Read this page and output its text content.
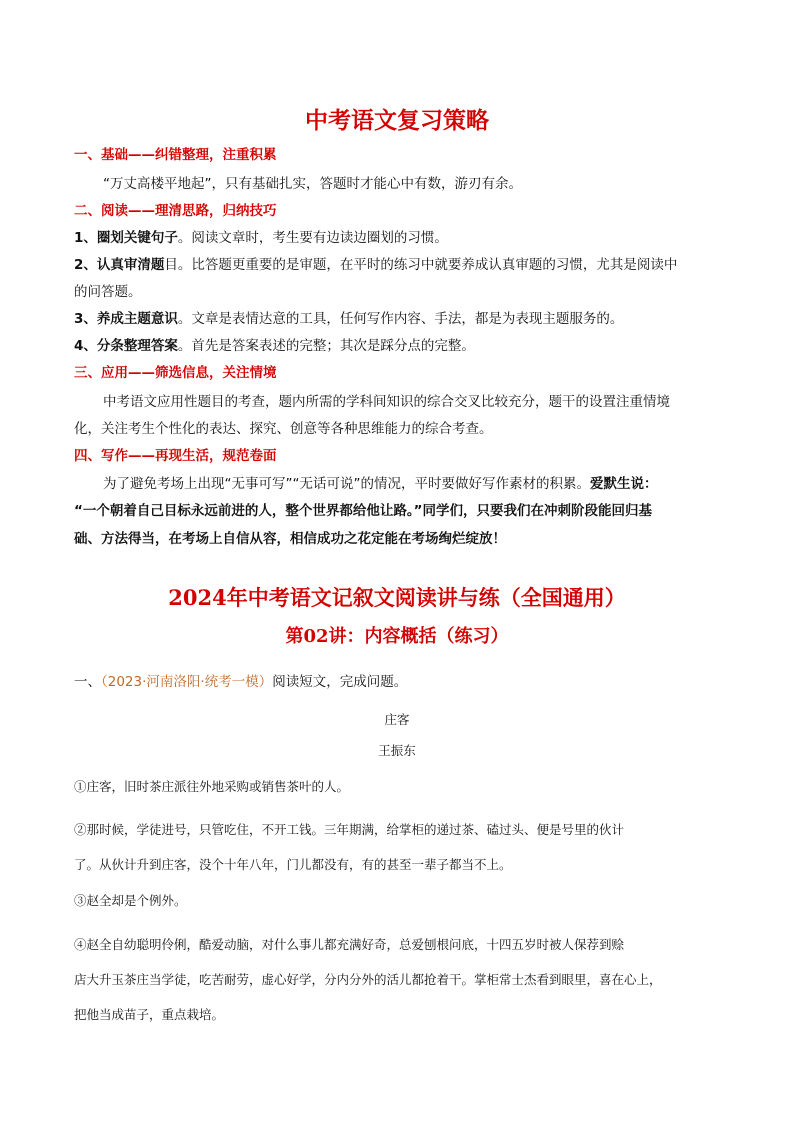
中考语文复习策略
一、基础——纠错整理，注重积累
“万丈高楼平地起”，只有基础扎实，答题时才能心中有数，游刃有余。
二、阅读——理清思路，归纳技巧
1、圈划关键句子。阅读文章时，考生要有边读边圈划的习惯。
2、认真审清题目。比答题更重要的是审题，在平时的练习中就要养成认真审题的习惯，尤其是阅读中
的问答题。
3、养成主题意识。文章是表情达意的工具，任何写作内容、手法，都是为表现主题服务的。
4、分条整理答案。首先是答案表述的完整；其次是踩分点的完整。
三、应用——筛选信息，关注情境
中考语文应用性题目的考查，题内所需的学科间知识的综合交叉比较充分，题干的设置注重情境
化，关注考生个性化的表达、探究、创意等各种思维能力的综合考查。
四、写作——再现生活，规范卷面
为了避免考场上出现“无事可写”“无话可说”的情况，平时要做好写作素材的积累。爱默生说：
“一个朝着自己目标永远前进的人，整个世界都给他让路。”同学们，只要我们在冲刺阶段能回归基
础、方法得当，在考场上自信从容，相信成功之花定能在考场绚烂绽放！
2024年中考语文记叙文阅读讲与练（全国通用）
第02讲：内容概括（练习）
一、（2023·河南洛阳·统考一模）阅读短文，完成问题。
庄客
王振东
①庄客，旧时茶庄派往外地采购或销售茶叶的人。
②那时候，学徒进号，只管吃住，不开工钱。三年期满，给掌柜的递过茶、磕过头、便是号里的伙计
了。从伙计升到庄客，没个十年八年，门儿都没有，有的甚至一辈子都当不上。
③赵全却是个例外。
④赵全自幼聪明伶俐，酷爱动脑，对什么事儿都充满好奇，总爱刨根问底，十四五岁时被人保荐到赊
店大升玉茶庄当学徒，吃苦耐劳，虚心好学，分内分外的活儿都抢着干。掌柜常士杰看到眼里，喜在心上，
把他当成苗子，重点栽培。
